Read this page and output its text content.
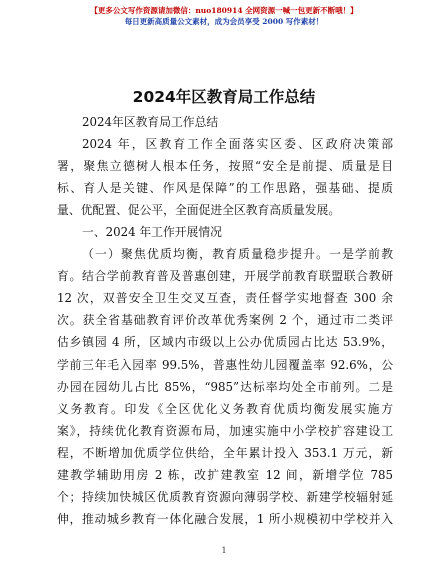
【更多公文写作资源请加微信：nuo180914 全网资源一喊一包更新不断哦！】
每日更新高质量公文素材，成为会员享受 2000 写作素材！
2024年区教育局工作总结
2024年区教育局工作总结
2024 年，区教育工作全面落实区委、区政府决策部
署，聚焦立德树人根本任务，按照“安全是前提、质量是目
标、育人是关键、作风是保障”的工作思路，强基础、提质
量、优配置、促公平，全面促进全区教育高质量发展。
一、2024 年工作开展情况
（一）聚焦优质均衡，教育质量稳步提升。一是学前教
育。结合学前教育普及普惠创建，开展学前教育联盟联合教研
12 次，双普安全卫生交叉互查，责任督学实地督查 300 余
次。获全省基础教育评价改革优秀案例 2 个，通过市二类评
估乡镇园 4 所，区域内市级以上公办优质园占比达 53.9%，
学前三年毛入园率 99.5%，普惠性幼儿园覆盖率 92.6%，公
办园在园幼儿占比 85%，“985”达标率均处全市前列。二是
义务教育。印发《全区优化义务教育优质均衡发展实施方
案》，持续优化教育资源布局，加速实施中小学校扩容建设工
程，不断增加优质学位供给，全年累计投入 353.1 万元，新
建教学辅助用房 2 栋，改扩建教室 12 间，新增学位 785
个；持续加快城区优质教育资源向薄弱学校、新建学校辐射延
伸，推动城乡教育一体化融合发展，1 所小规模初中学校并入
1
